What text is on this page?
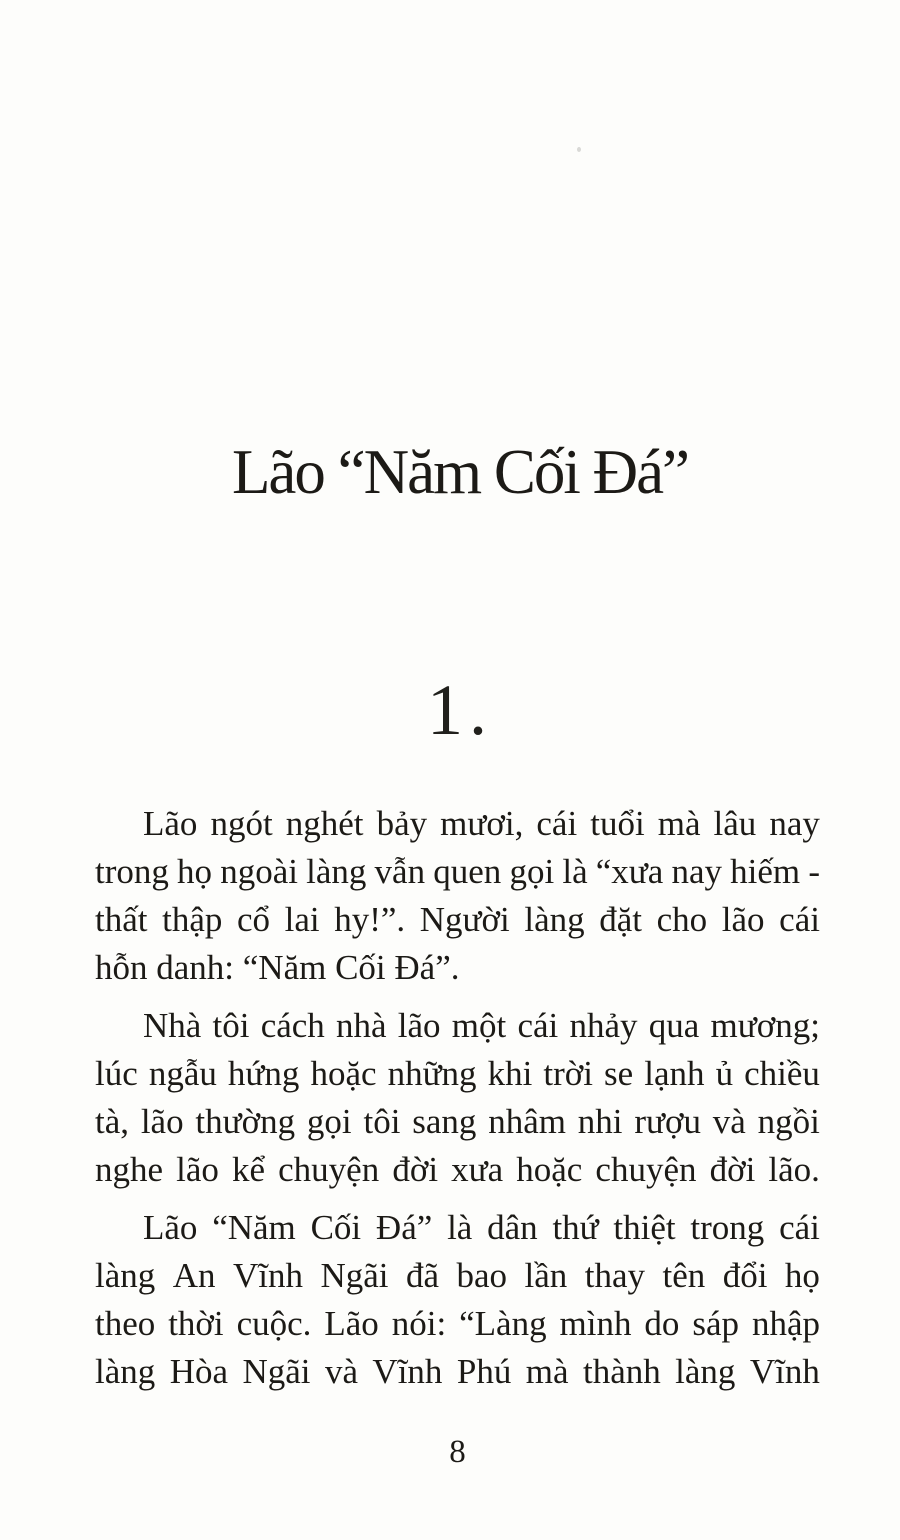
Lão “Năm Cối Đá”
1.
Lão ngót nghét bảy mươi, cái tuổi mà lâu nay
trong họ ngoài làng vẫn quen gọi là “xưa nay hiếm -
thất thập cổ lai hy!”. Người làng đặt cho lão cái
hỗn danh: “Năm Cối Đá”.
Nhà tôi cách nhà lão một cái nhảy qua mương;
lúc ngẫu hứng hoặc những khi trời se lạnh ủ chiều
tà, lão thường gọi tôi sang nhâm nhi rượu và ngồi
nghe lão kể chuyện đời xưa hoặc chuyện đời lão.
Lão “Năm Cối Đá” là dân thứ thiệt trong cái
làng An Vĩnh Ngãi đã bao lần thay tên đổi họ
theo thời cuộc. Lão nói: “Làng mình do sáp nhập
làng Hòa Ngãi và Vĩnh Phú mà thành làng Vĩnh
8
